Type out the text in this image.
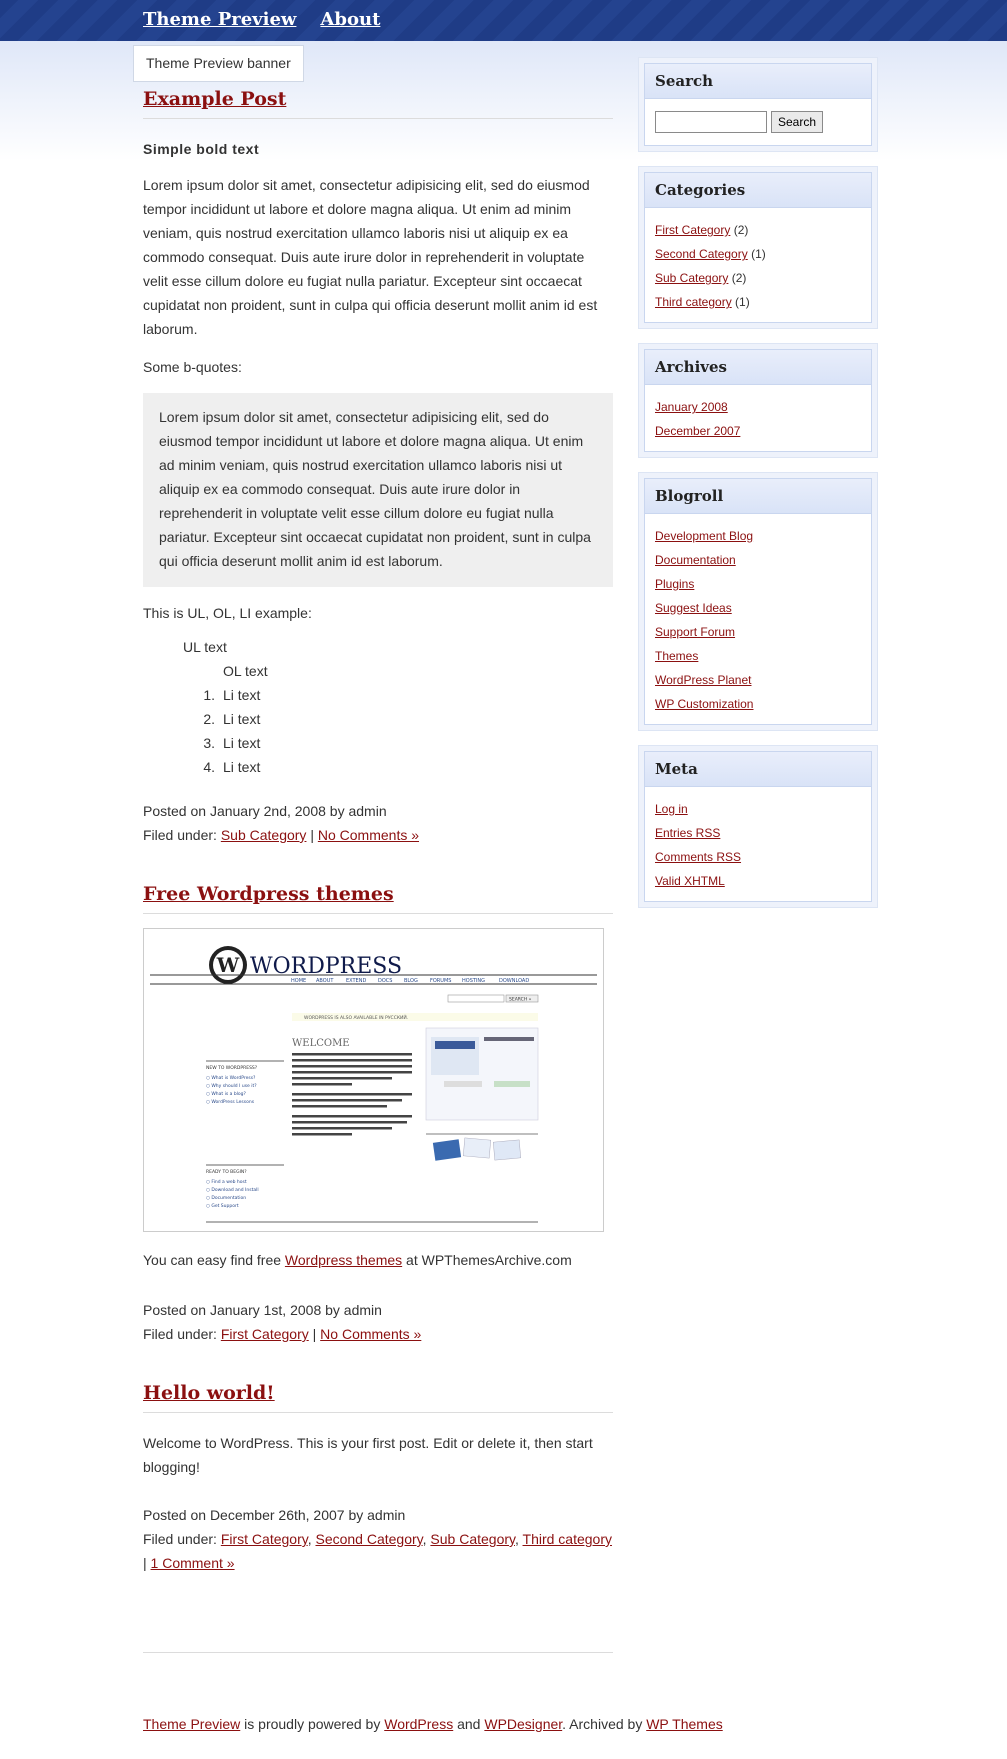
Theme Preview About
Theme Preview banner
Example Post
Simple bold text
Lorem ipsum dolor sit amet, consectetur adipisicing elit, sed do eiusmod tempor incididunt ut labore et dolore magna aliqua. Ut enim ad minim veniam, quis nostrud exercitation ullamco laboris nisi ut aliquip ex ea commodo consequat. Duis aute irure dolor in reprehenderit in voluptate velit esse cillum dolore eu fugiat nulla pariatur. Excepteur sint occaecat cupidatat non proident, sunt in culpa qui officia deserunt mollit anim id est laborum.
Some b-quotes:
Lorem ipsum dolor sit amet, consectetur adipisicing elit, sed do eiusmod tempor incididunt ut labore et dolore magna aliqua. Ut enim ad minim veniam, quis nostrud exercitation ullamco laboris nisi ut aliquip ex ea commodo consequat. Duis aute irure dolor in reprehenderit in voluptate velit esse cillum dolore eu fugiat nulla pariatur. Excepteur sint occaecat cupidatat non proident, sunt in culpa qui officia deserunt mollit anim id est laborum.
This is UL, OL, LI example:
UL text
OL text
1. Li text
2. Li text
3. Li text
4. Li text
Posted on January 2nd, 2008 by admin
Filed under: Sub Category | No Comments »
Free Wordpress themes
W WORDPRESS
HOME ABOUT	EXTEND DOCS BLOG FORUMS HOSTING	DOWNLOAD
SEARCH »
WORDPRESS IS ALSO AVAILABLE IN РУССКИЙ.
WELCOME
NEW TO WORDPRESS?
○ What is WordPress?
○ Why should I use it?
○ What is a blog?
○ WordPress Lessons
READY TO BEGIN?
○ Find a web host
○ Download and Install
○ Documentation
○ Get Support
You can easy find free Wordpress themes at WPThemesArchive.com
Posted on January 1st, 2008 by admin
Filed under: First Category | No Comments »
Hello world!
Welcome to WordPress. This is your first post. Edit or delete it, then start blogging!
Posted on December 26th, 2007 by admin
Filed under: First Category, Second Category, Sub Category, Third category | 1 Comment »
Search
Search
Categories
First Category (2)
Second Category (1)
Sub Category (2)
Third category (1)
Archives
January 2008
December 2007
Blogroll
Development Blog
Documentation
Plugins
Suggest Ideas
Support Forum
Themes
WordPress Planet
WP Customization
Meta
Log in
Entries RSS
Comments RSS
Valid XHTML
Theme Preview is proudly powered by WordPress and WPDesigner. Archived by WP Themes
